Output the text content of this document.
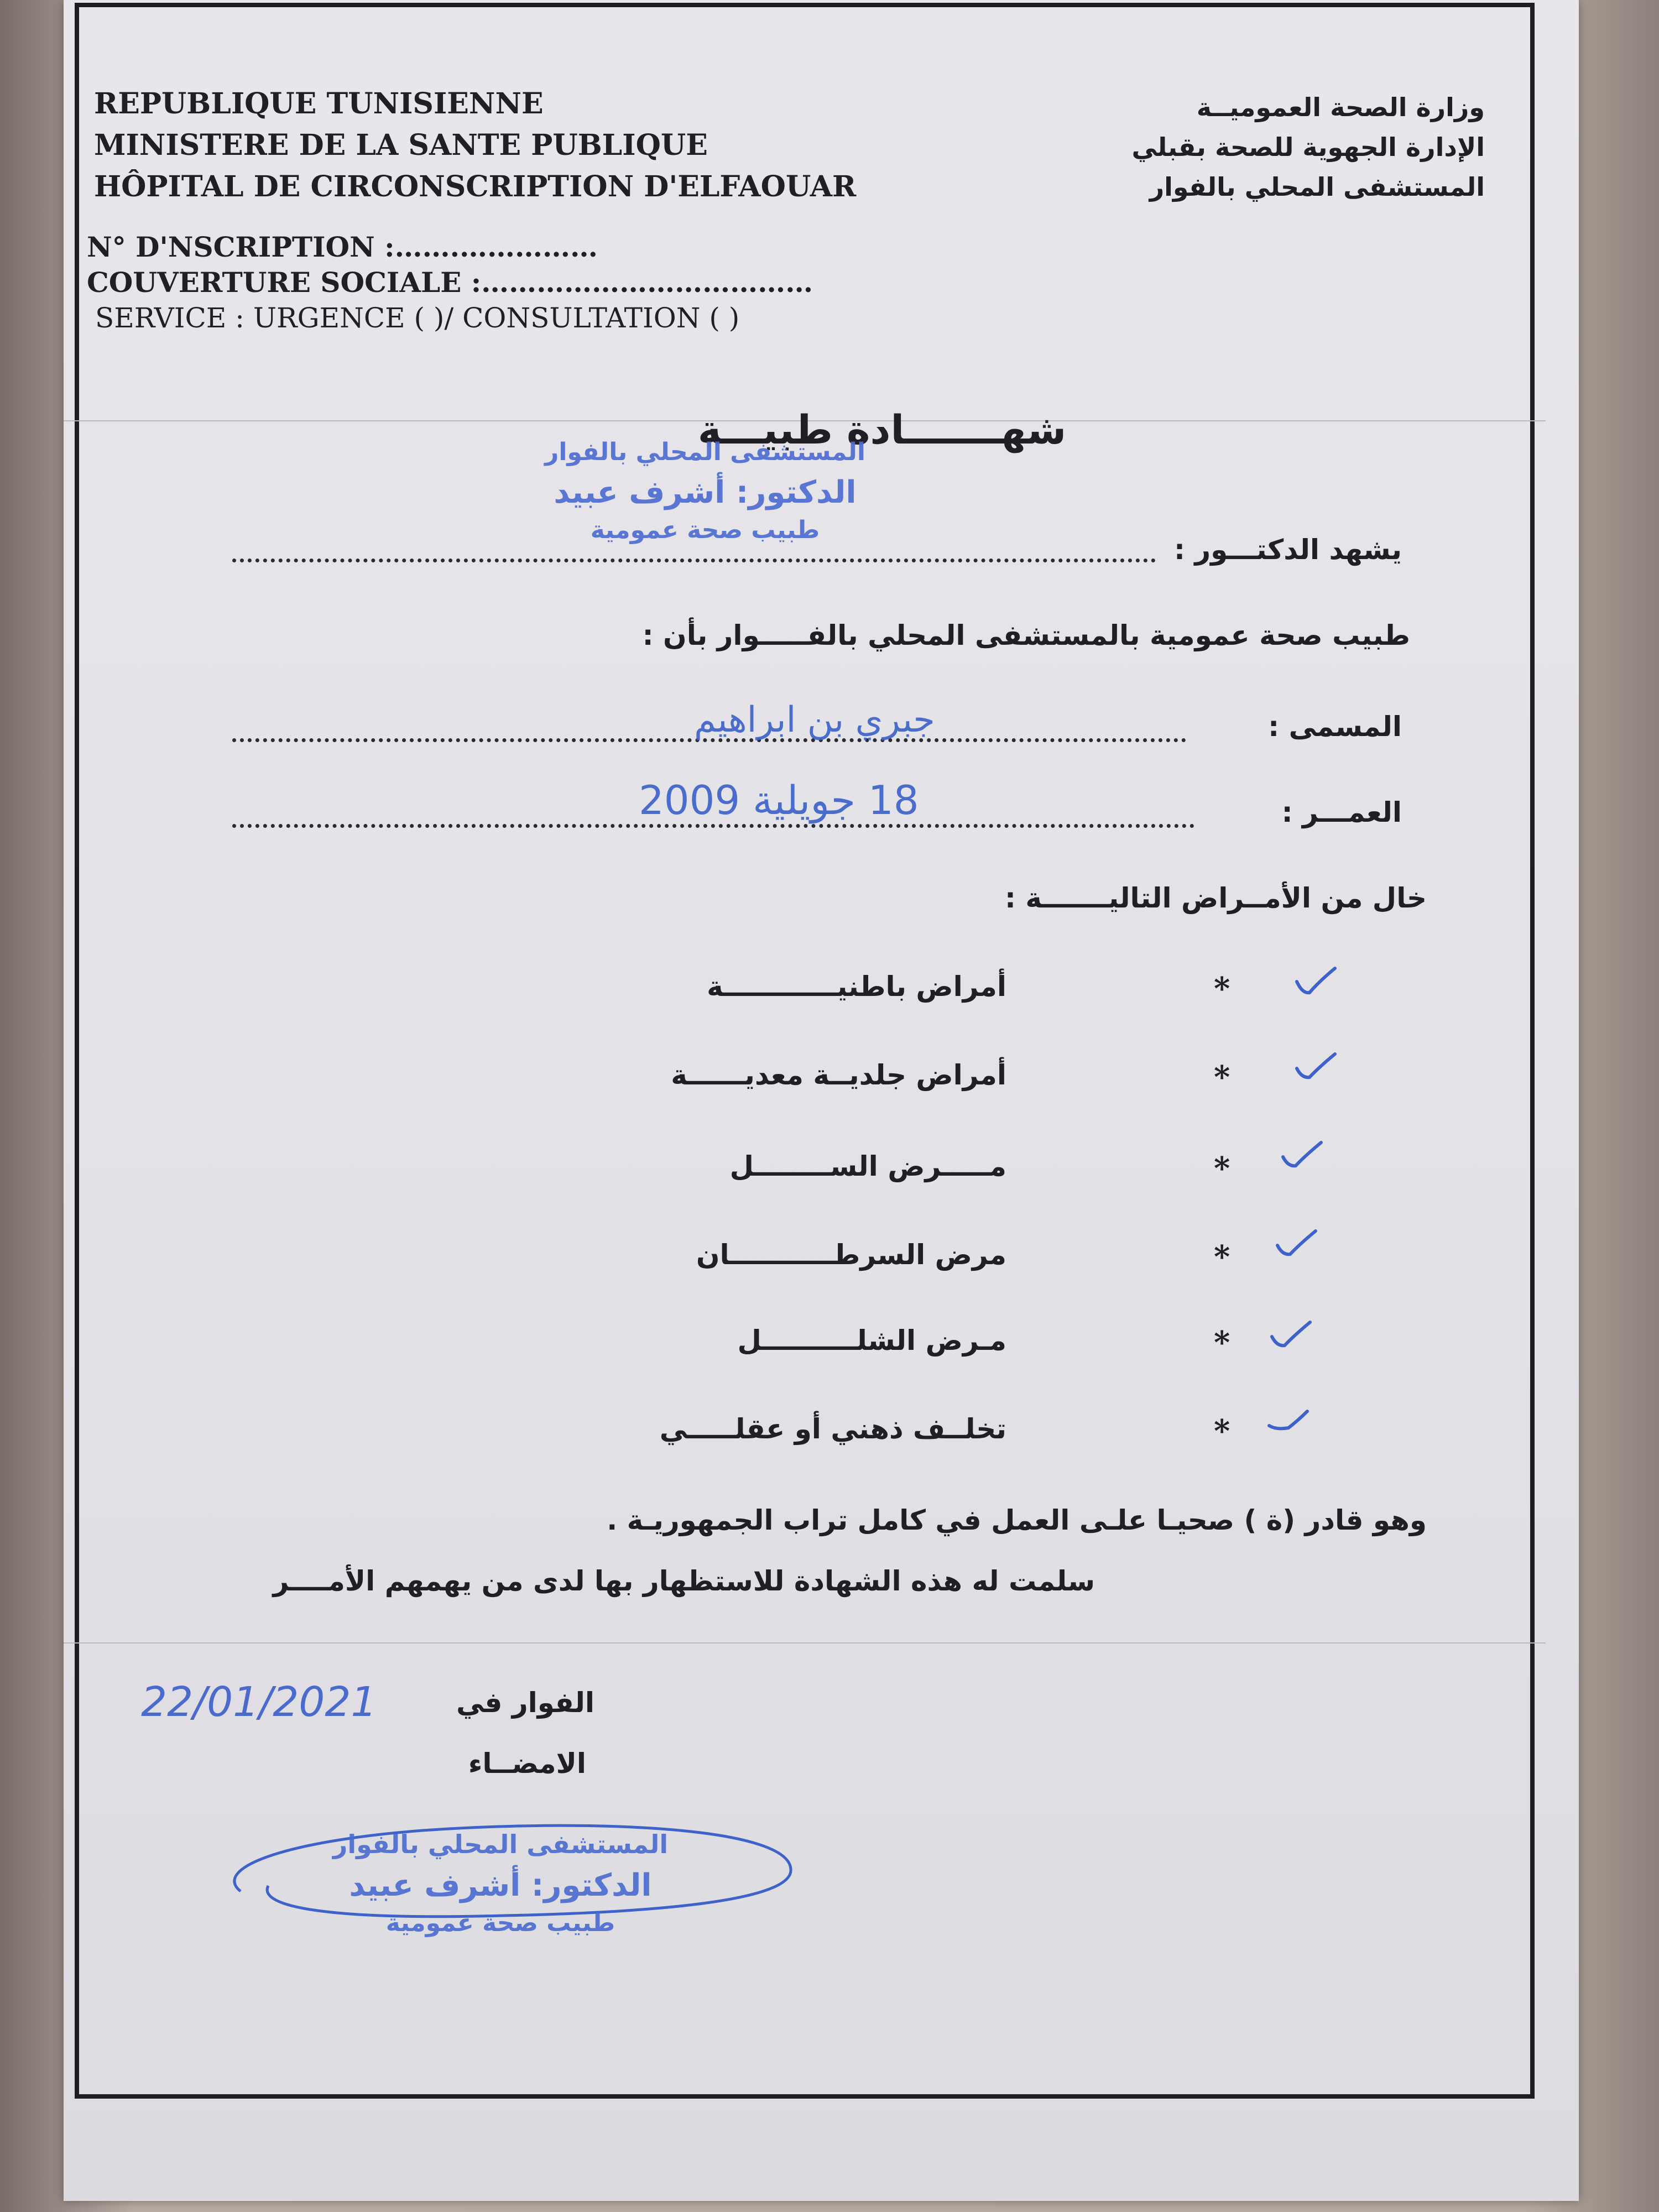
REPUBLIQUE TUNISIENNE
MINISTERE DE LA SANTE PUBLIQUE
HÔPITAL DE CIRCONSCRIPTION D'ELFAOUAR
وزارة الصحة العموميــة
الإدارة الجهوية للصحة بقبلي
المستشفى المحلي بالفوار
N° D'NSCRIPTION :…….……………
COUVERTURE SOCIALE :………………………………
SERVICE : URGENCE ( )/ CONSULTATION ( )
شهـــــــادة طبيـــة
المستشفى المحلي بالفوار
الدكتور: أشرف عبيد
طبيب صحة عمومية
يشهد الدكتـــور :
طبيب صحة عمومية بالمستشفى المحلي بالفـــــوار بأن :
المسمى :
جبري بن ابراهيم
العمـــر :
18 جويلية 2009
خال من الأمــراض التاليـــــــة :
*
أمراض باطنيــــــــــــة
*
أمراض جلديــة معديــــــة
*
مـــــرض الســــــــل
*
مرض السرطـــــــــــان
*
مـرض الشلــــــــــل
*
تخلــف ذهني أو عقلـــــي
وهو قادر (ة ) صحيـا علـى العمل في كامل تراب الجمهوريـة .
سلمت له هذه الشهادة للاستظهار بها لدى من يهمهم الأمــــر
الفوار في
22/01/2021
الامضــاء
المستشفى المحلي بالفوار
الدكتور: أشرف عبيد
طبيب صحة عمومية
